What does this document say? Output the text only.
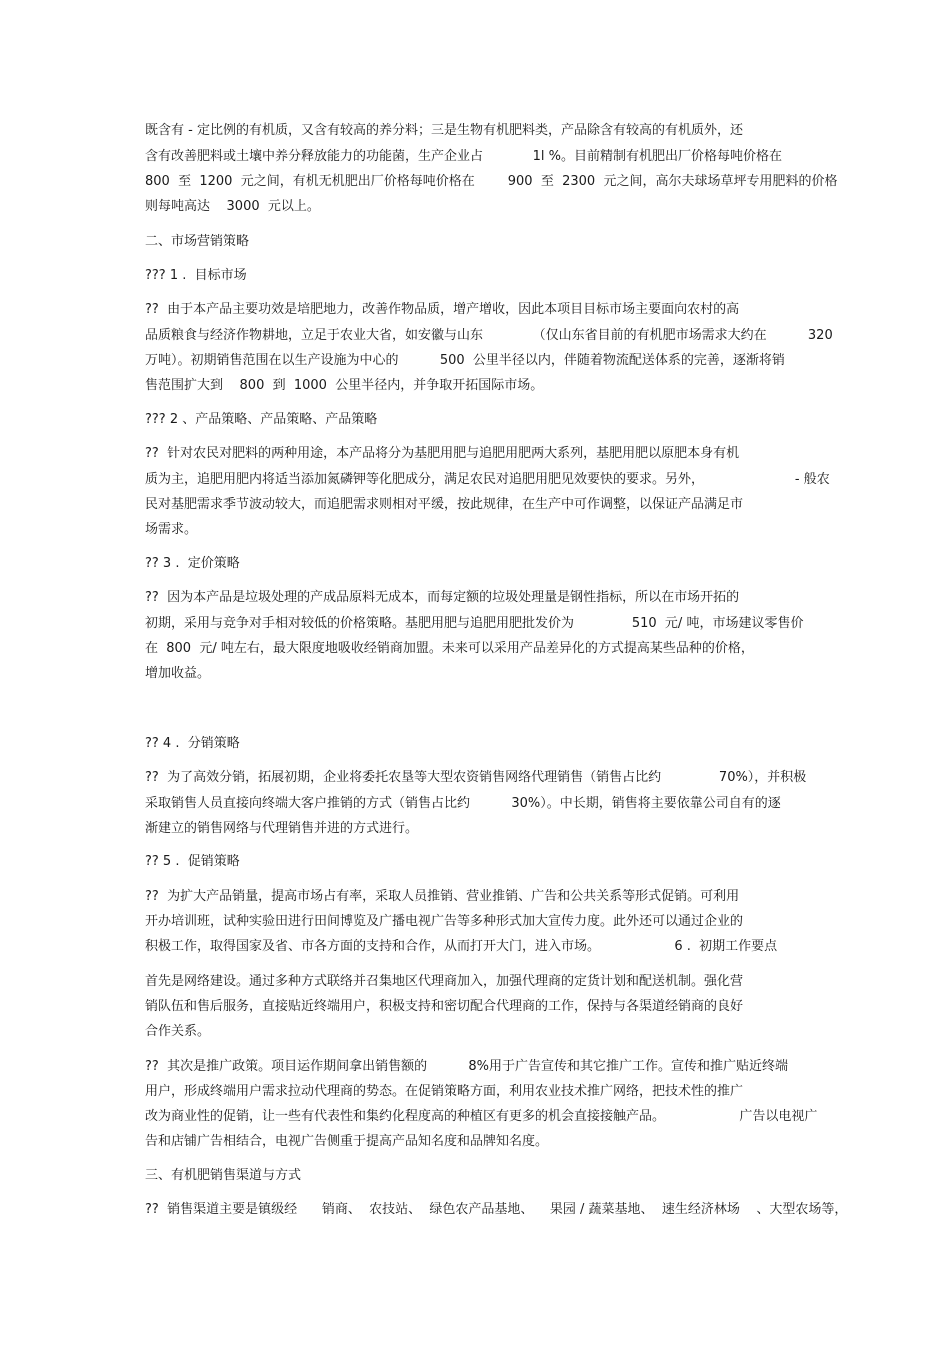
既含有 - 定比例的有机质，又含有较高的养分料；三是生物有机肥料类，产品除含有较高的有机质外，还

含有改善肥料或土壤中养分释放能力的功能菌，生产企业占            1l %。目前精制有机肥出厂价格每吨价格在

800  至  1200  元之间，有机无机肥出厂价格每吨价格在        900  至  2300  元之间，高尔夫球场草坪专用肥料的价格

则每吨高达    3000  元以上。

二、市场营销策略

??? 1 .  目标市场

??  由于本产品主要功效是培肥地力，改善作物品质，增产增收，因此本项目目标市场主要面向农村的高

品质粮食与经济作物耕地，立足于农业大省，如安徽与山东            （仅山东省目前的有机肥市场需求大约在          320

万吨）。初期销售范围在以生产设施为中心的          500  公里半径以内，伴随着物流配送体系的完善，逐渐将销

售范围扩大到    800  到  1000  公里半径内，并争取开拓国际市场。

??? 2 、产品策略、产品策略、产品策略

??  针对农民对肥料的两种用途，本产品将分为基肥用肥与追肥用肥两大系列，基肥用肥以原肥本身有机

质为主，追肥用肥内将适当添加氮磷钾等化肥成分，满足农民对追肥用肥见效要快的要求。另外，                      - 般农

民对基肥需求季节波动较大，而追肥需求则相对平缓，按此规律，在生产中可作调整，以保证产品满足市

场需求。

?? 3 .  定价策略

??  因为本产品是垃圾处理的产成品原料无成本，而每定额的垃圾处理量是钢性指标，所以在市场开拓的

初期，采用与竞争对手相对较低的价格策略。基肥用肥与追肥用肥批发价为              510  元/ 吨，市场建议零售价

在  800  元/ 吨左右，最大限度地吸收经销商加盟。未来可以采用产品差异化的方式提高某些品种的价格，

增加收益。

?? 4 .  分销策略

??  为了高效分销，拓展初期，企业将委托农垦等大型农资销售网络代理销售（销售占比约              70%），并积极

采取销售人员直接向终端大客户推销的方式（销售占比约          30%）。中长期，销售将主要依靠公司自有的逐

渐建立的销售网络与代理销售并进的方式进行。

?? 5 .  促销策略

??  为扩大产品销量，提高市场占有率，采取人员推销、营业推销、广告和公共关系等形式促销。可利用

开办培训班，试种实验田进行田间博览及广播电视广告等多种形式加大宣传力度。此外还可以通过企业的

积极工作，取得国家及省、市各方面的支持和合作，从而打开大门，进入市场。                  6 .  初期工作要点

首先是网络建设。通过多种方式联络并召集地区代理商加入，加强代理商的定货计划和配送机制。强化营

销队伍和售后服务，直接贴近终端用户，积极支持和密切配合代理商的工作，保持与各渠道经销商的良好

合作关系。

??  其次是推广政策。项目运作期间拿出销售额的          8%用于广告宣传和其它推广工作。宣传和推广贴近终端

用户，形成终端用户需求拉动代理商的势态。在促销策略方面，利用农业技术推广网络，把技术性的推广

改为商业性的促销，让一些有代表性和集约化程度高的种植区有更多的机会直接接触产品。                  广告以电视广

告和店铺广告相结合，电视广告侧重于提高产品知名度和品牌知名度。

三、有机肥销售渠道与方式

??  销售渠道主要是镇级经      销商、  农技站、  绿色农产品基地、    果园 / 蔬菜基地、  速生经济林场    、大型农场等，
